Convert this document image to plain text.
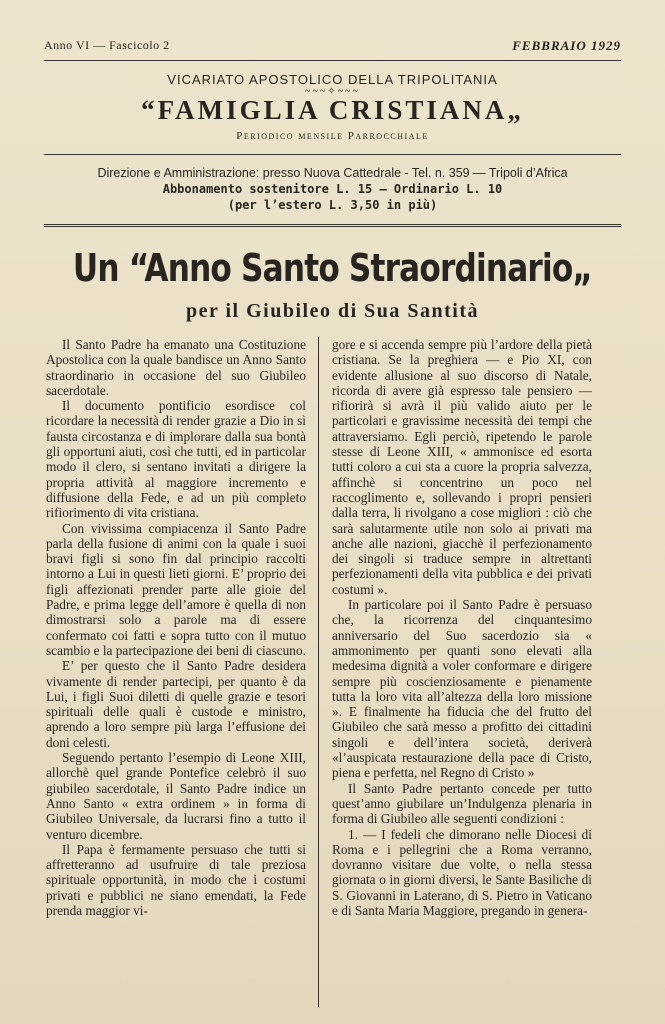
Anno VI — Fascicolo 2	FEBBRAIO 1929
VICARIATO APOSTOLICO DELLA TRIPOLITANIA
~~~✧~~~
“FAMIGLIA CRISTIANA„
Periodico mensile Parrocchiale
Direzione e Amministrazione: presso Nuova Cattedrale - Tel. n. 359 — Tripoli d’Africa
Abbonamento sostenitore L. 15 — Ordinario L. 10
(per l’estero L. 3,50 in più)
Un “Anno Santo Straordinario„
per il Giubileo di Sua Santità

Il Santo Padre ha emanato una Costituzione Apostolica con la quale bandisce un Anno Santo straordinario in occasione del suo Giubileo sacerdotale.

Il documento pontificio esordisce col ricordare la necessità di render grazie a Dio in sì fausta circostanza e di implorare dalla sua bontà gli opportuni aiuti, così che tutti, ed in particolar modo il clero, si sentano invitati a dirigere la propria attività al maggiore incremento e diffusione della Fede, e ad un più completo rifiorimento di vita cristiana.

Con vivissima compiacenza il Santo Padre parla della fusione di animi con la quale i suoi bravi figli si sono fin dal principio raccolti intorno a Lui in questi lieti giorni. E’ proprio dei figli affezionati prender parte alle gioie del Padre, e prima legge dell’amore è quella di non dimostrarsi solo a parole ma di essere confermato coi fatti e sopra tutto con il mutuo scambio e la partecipazione dei beni di ciascuno.

E’ per questo che il Santo Padre desidera vivamente di render partecipi, per quanto è da Lui, i figli Suoi diletti di quelle grazie e tesori spirituali delle quali è custode e ministro, aprendo a loro sempre più larga l’effusione dei doni celesti.

Seguendo pertanto l’esempio di Leone XIII, allorchè quel grande Pontefice celebrò il suo giubileo sacerdotale, il Santo Padre indice un Anno Santo « extra ordinem » in forma di Giubileo Universale, da lucrarsi fino a tutto il venturo dicembre.

Il Papa è fermamente persuaso che tutti si affretteranno ad usufruire di tale preziosa spirituale opportunità, in modo che i costumi privati e pubblici ne siano emendati, la Fede prenda maggior vi-

gore e si accenda sempre più l’ardore della pietà cristiana. Se la preghiera — e Pio XI, con evidente allusione al suo discorso di Natale, ricorda di avere già espresso tale pensiero — rifiorirà si avrà il più valido aiuto per le particolari e gravissime necessità dei tempi che attraversiamo. Egli perciò, ripetendo le parole stesse di Leone XIII, « ammonisce ed esorta tutti coloro a cui sta a cuore la propria salvezza, affinchè si concentrino un poco nel raccoglimento e, sollevando i propri pensieri dalla terra, li rivolgano a cose migliori : ciò che sarà salutarmente utile non solo ai privati ma anche alle nazioni, giacchè il perfezionamento dei singoli si traduce sempre in altrettanti perfezionamenti della vita pubblica e dei privati costumi ».

In particolare poi il Santo Padre è persuaso che, la ricorrenza del cinquantesimo anniversario del Suo sacerdozio sia « ammonimento per quanti sono elevati alla medesima dignità a voler conformare e dirigere sempre più coscienziosamente e pienamente tutta la loro vita all’altezza della loro missione ». E finalmente ha fiducia che del frutto del Giubileo che sarà messo a profitto dei cittadini singoli e dell’intera società, deriverà «l’auspicata restaurazione della pace di Cristo, piena e perfetta, nel Regno di Cristo »

Il Santo Padre pertanto concede per tutto quest’anno giubilare un’Indulgenza plenaria in forma di Giubileo alle seguenti condizioni :

1. — I fedeli che dimorano nelle Diocesi di Roma e i pellegrini che a Roma verranno, dovranno visitare due volte, o nella stessa giornata o in giorni diversi, le Sante Basiliche di S. Giovanni in Laterano, di S. Pietro in Vaticano e di Santa Maria Maggiore, pregando in genera-
